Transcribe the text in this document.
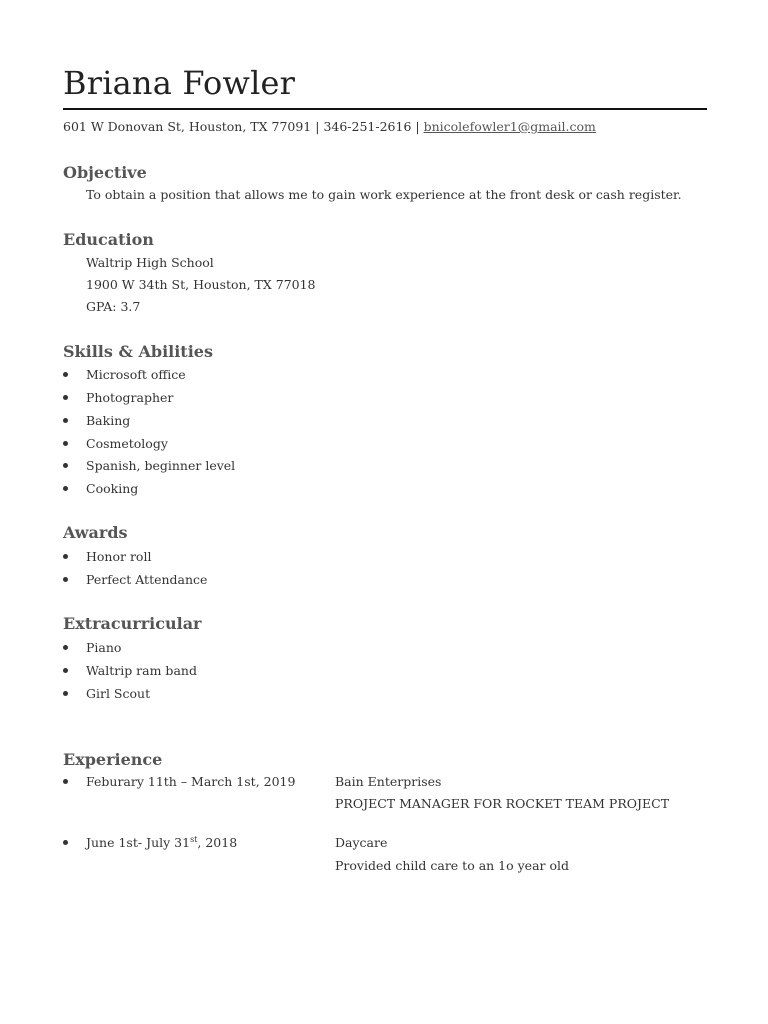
Briana Fowler
601 W Donovan St, Houston, TX 77091 | 346-251-2616 | bnicolefowler1@gmail.com
Objective
To obtain a position that allows me to gain work experience at the front desk or cash register.
Education
Waltrip High School
1900 W 34th St, Houston, TX 77018
GPA: 3.7
Skills & Abilities
Microsoft office
Photographer
Baking
Cosmetology
Spanish, beginner level
Cooking
Awards
Honor roll
Perfect Attendance
Extracurricular
Piano
Waltrip ram band
Girl Scout
Experience
Feburary 11th – March 1st, 2019	Bain Enterprises
PROJECT MANAGER FOR ROCKET TEAM PROJECT
June 1st- July 31st, 2018	Daycare
Provided child care to an 1o year old
